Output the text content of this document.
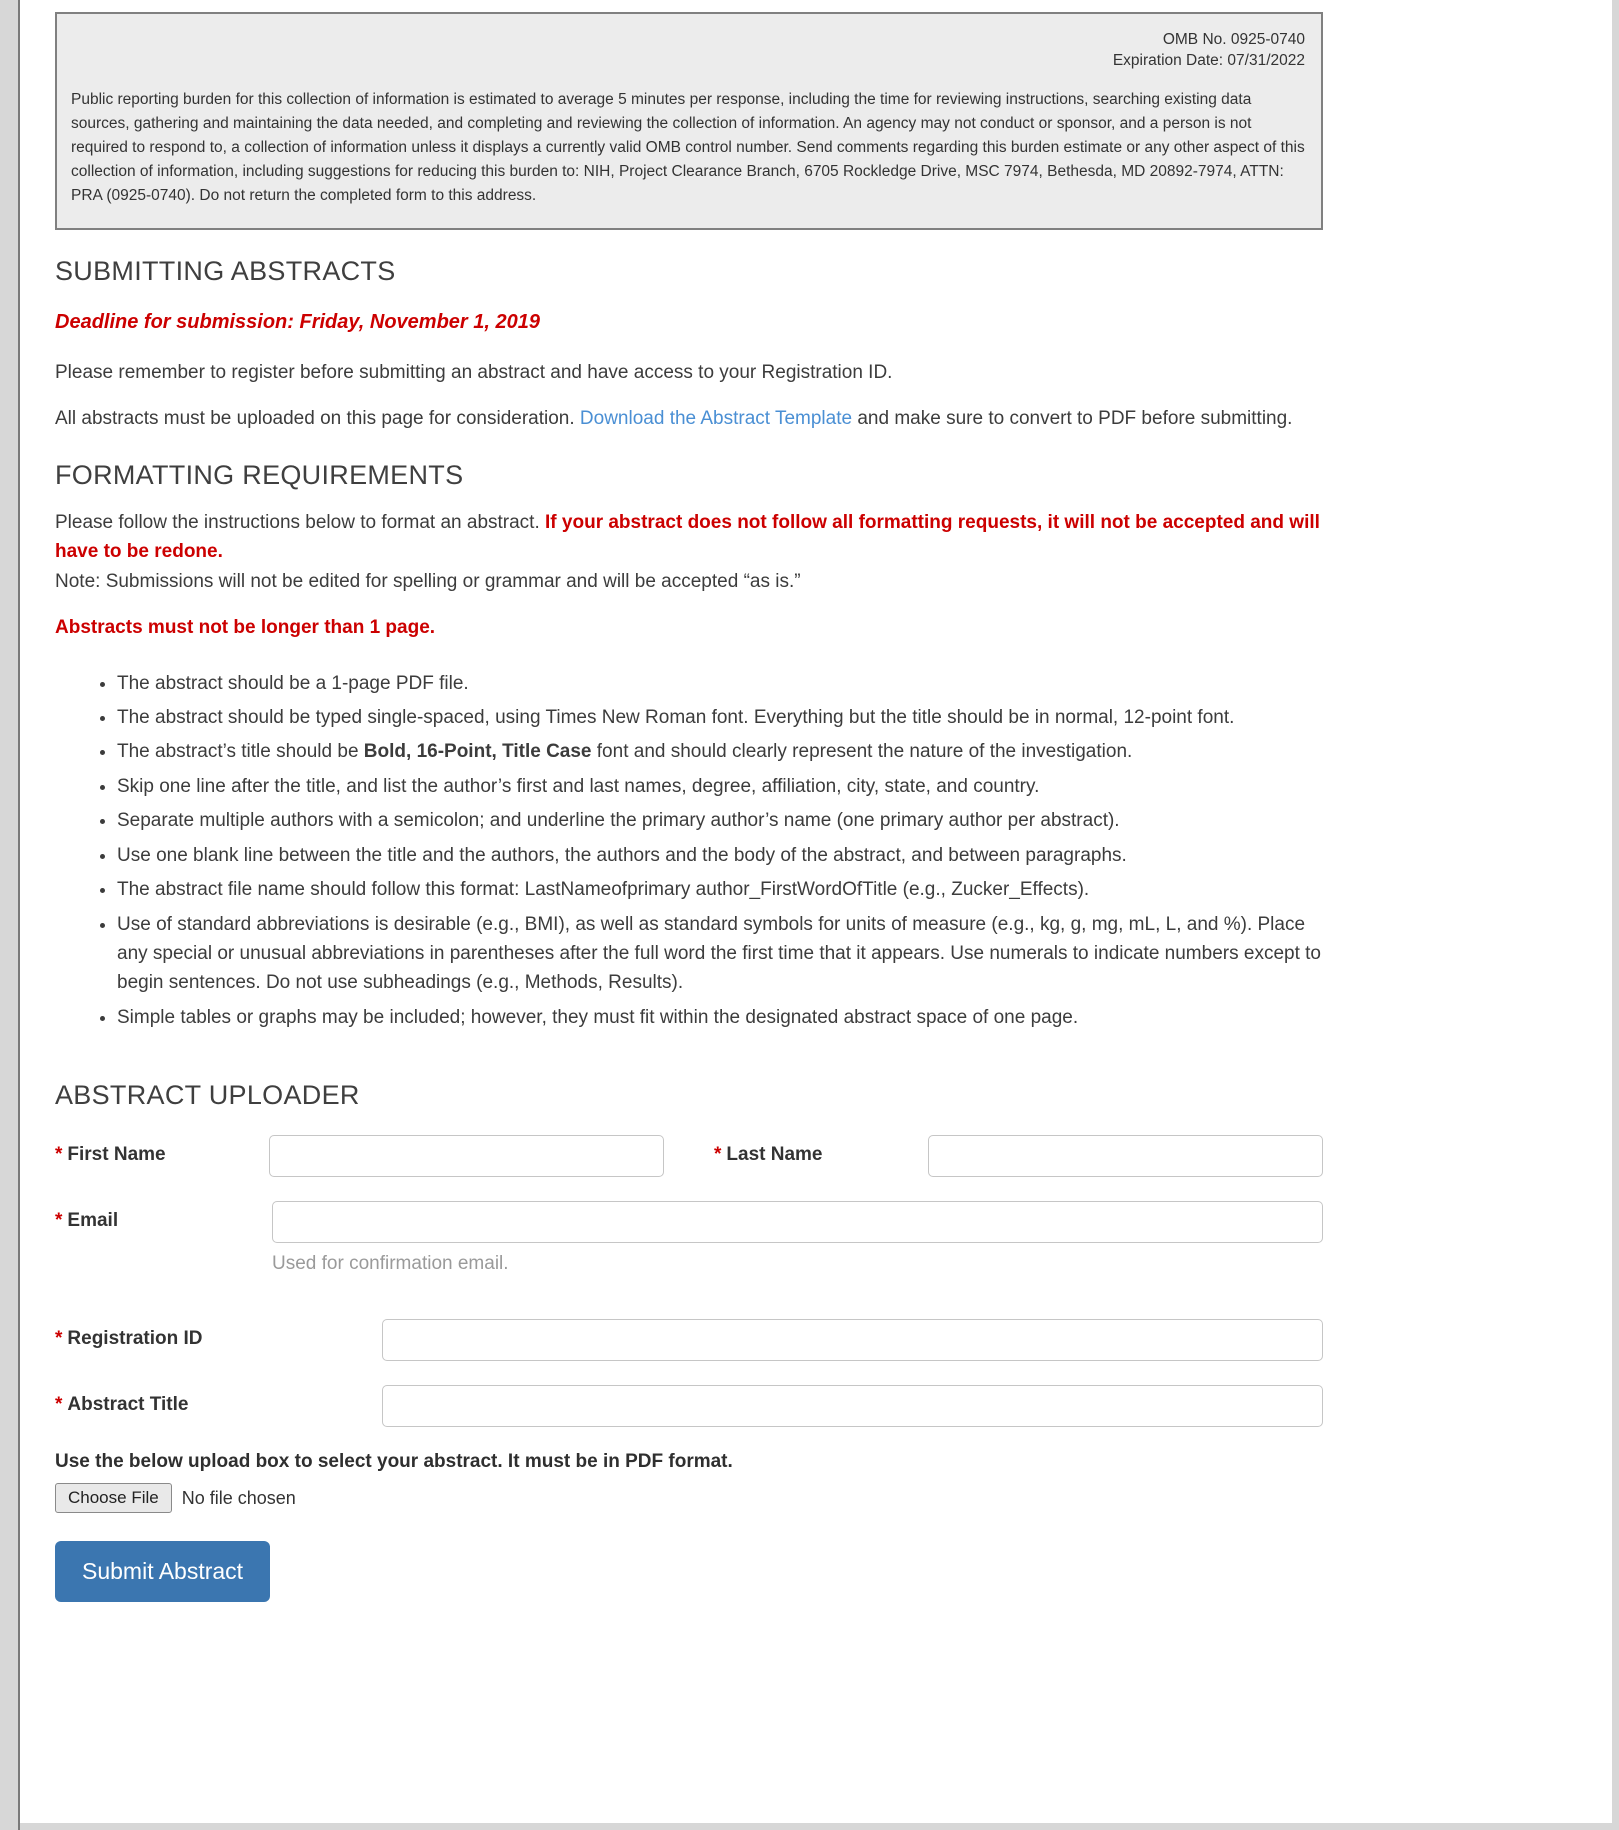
OMB No. 0925-0740
Expiration Date: 07/31/2022

Public reporting burden for this collection of information is estimated to average 5 minutes per response, including the time for reviewing instructions, searching existing data sources, gathering and maintaining the data needed, and completing and reviewing the collection of information. An agency may not conduct or sponsor, and a person is not required to respond to, a collection of information unless it displays a currently valid OMB control number. Send comments regarding this burden estimate or any other aspect of this collection of information, including suggestions for reducing this burden to: NIH, Project Clearance Branch, 6705 Rockledge Drive, MSC 7974, Bethesda, MD 20892-7974, ATTN: PRA (0925-0740). Do not return the completed form to this address.

SUBMITTING ABSTRACTS

Deadline for submission: Friday, November 1, 2019

Please remember to register before submitting an abstract and have access to your Registration ID.

All abstracts must be uploaded on this page for consideration. Download the Abstract Template and make sure to convert to PDF before submitting.

FORMATTING REQUIREMENTS

Please follow the instructions below to format an abstract. If your abstract does not follow all formatting requests, it will not be accepted and will have to be redone.
Note: Submissions will not be edited for spelling or grammar and will be accepted “as is.”

Abstracts must not be longer than 1 page.

• The abstract should be a 1-page PDF file.
• The abstract should be typed single-spaced, using Times New Roman font. Everything but the title should be in normal, 12-point font.
• The abstract’s title should be Bold, 16-Point, Title Case font and should clearly represent the nature of the investigation.
• Skip one line after the title, and list the author’s first and last names, degree, affiliation, city, state, and country.
• Separate multiple authors with a semicolon; and underline the primary author’s name (one primary author per abstract).
• Use one blank line between the title and the authors, the authors and the body of the abstract, and between paragraphs.
• The abstract file name should follow this format: LastNameofprimary author_FirstWordOfTitle (e.g., Zucker_Effects).
• Use of standard abbreviations is desirable (e.g., BMI), as well as standard symbols for units of measure (e.g., kg, g, mg, mL, L, and %). Place any special or unusual abbreviations in parentheses after the full word the first time that it appears. Use numerals to indicate numbers except to begin sentences. Do not use subheadings (e.g., Methods, Results).
• Simple tables or graphs may be included; however, they must fit within the designated abstract space of one page.
ABSTRACT UPLOADER
* First Name	* Last Name
* Email
Used for confirmation email.
* Registration ID
* Abstract Title
Use the below upload box to select your abstract. It must be in PDF format.
Choose File	No file chosen
Submit Abstract
